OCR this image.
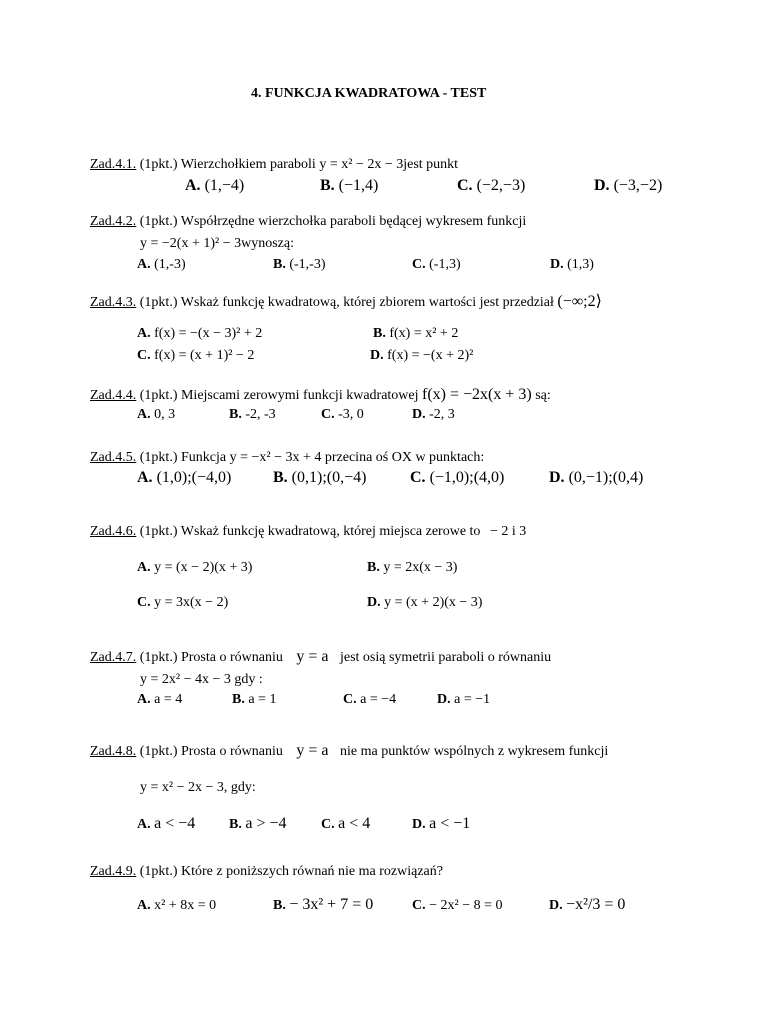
4. FUNKCJA KWADRATOWA - TEST
Zad.4.1. (1pkt.) Wierzchołkiem paraboli y = x² − 2x − 3jest punkt
A. (1,−4)	B. (−1,4)	C. (−2,−3)	D. (−3,−2)
Zad.4.2. (1pkt.) Współrzędne wierzchołka paraboli będącej wykresem funkcji
y = −2(x + 1)² − 3wynoszą:
A. (1,-3)	B. (-1,-3)	C. (-1,3)	D. (1,3)
Zad.4.3. (1pkt.) Wskaż funkcję kwadratową, której zbiorem wartości jest przedział (−∞;2⟩
A. f(x) = −(x − 3)² + 2	B. f(x) = x² + 2
C. f(x) = (x + 1)² − 2	D. f(x) = −(x + 2)²
Zad.4.4. (1pkt.) Miejscami zerowymi funkcji kwadratowej f(x) = −2x(x + 3) są:
A. 0, 3	B. -2, -3	C. -3, 0	D. -2, 3
Zad.4.5. (1pkt.) Funkcja y = −x² − 3x + 4 przecina oś OX w punktach:
A. (1,0);(−4,0)	B. (0,1);(0,−4)	C. (−1,0);(4,0)	D. (0,−1);(0,4)
Zad.4.6. (1pkt.) Wskaż funkcję kwadratową, której miejsca zerowe to − 2 i 3
A. y = (x − 2)(x + 3)	B. y = 2x(x − 3)
C. y = 3x(x − 2)	D. y = (x + 2)(x − 3)
Zad.4.7. (1pkt.) Prosta o równaniu y = a jest osią symetrii paraboli o równaniu
y = 2x² − 4x − 3 gdy :
A. a = 4	B. a = 1	C. a = −4	D. a = −1
Zad.4.8. (1pkt.) Prosta o równaniu y = a nie ma punktów wspólnych z wykresem funkcji
y = x² − 2x − 3, gdy:
A. a < −4 B. a > −4 C. a < 4	D. a < −1
Zad.4.9. (1pkt.) Które z poniższych równań nie ma rozwiązań?
A. x² + 8x = 0	B. − 3x² + 7 = 0	C. − 2x² − 8 = 0	D. −x²/3 = 0
